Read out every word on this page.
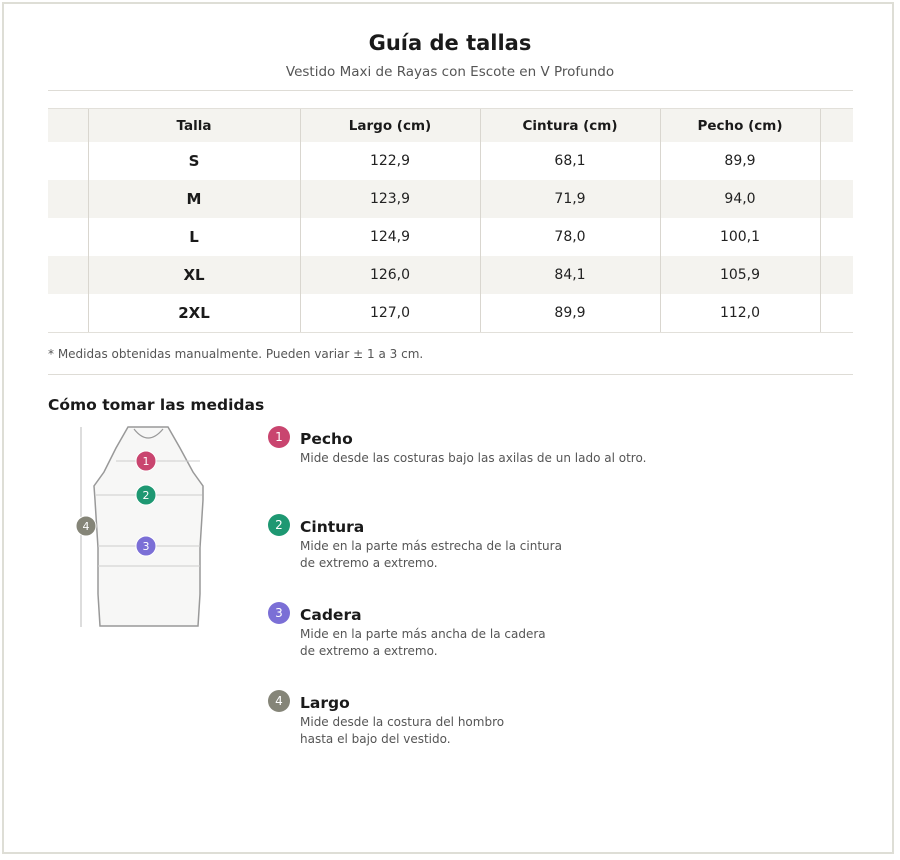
Guía de tallas
Vestido Maxi de Rayas con Escote en V Profundo
	Talla	Largo (cm)	Cintura (cm)	Pecho (cm)	
	S	122,9	68,1	89,9	
	M	123,9	71,9	94,0	
	L	124,9	78,0	100,1	
	XL	126,0	84,1	105,9	
	2XL	127,0	89,9	112,0	
* Medidas obtenidas manualmente. Pueden variar ± 1 a 3 cm.
Cómo tomar las medidas
1
2
3
4
1	Pecho
Mide desde las costuras bajo las axilas de un lado al otro.
2	Cintura
Mide en la parte más estrecha de la cintura
de extremo a extremo.
3	Cadera
Mide en la parte más ancha de la cadera
de extremo a extremo.
4	Largo
Mide desde la costura del hombro
hasta el bajo del vestido.
